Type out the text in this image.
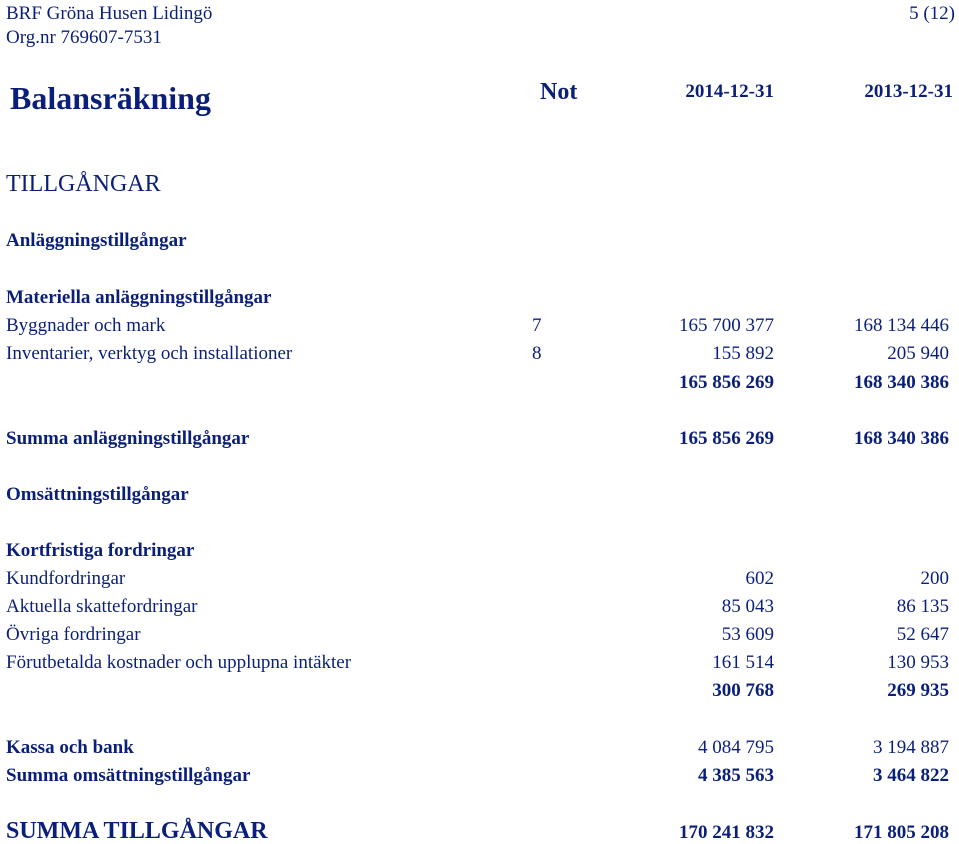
BRF Gröna Husen Lidingö
Org.nr 769607-7531
5 (12)
Balansräkning	Not	2014-12-31	2013-12-31
TILLGÅNGAR
Anläggningstillgångar
Materiella anläggningstillgångar
Byggnader och mark	7	165 700 377	168 134 446
Inventarier, verktyg och installationer	8	155 892	205 940
165 856 269	168 340 386
Summa anläggningstillgångar	165 856 269	168 340 386
Omsättningstillgångar
Kortfristiga fordringar
Kundfordringar	602	200
Aktuella skattefordringar	85 043	86 135
Övriga fordringar	53 609	52 647
Förutbetalda kostnader och upplupna intäkter	161 514	130 953
300 768	269 935
Kassa och bank	4 084 795	3 194 887
Summa omsättningstillgångar	4 385 563	3 464 822
SUMMA TILLGÅNGAR	170 241 832	171 805 208
